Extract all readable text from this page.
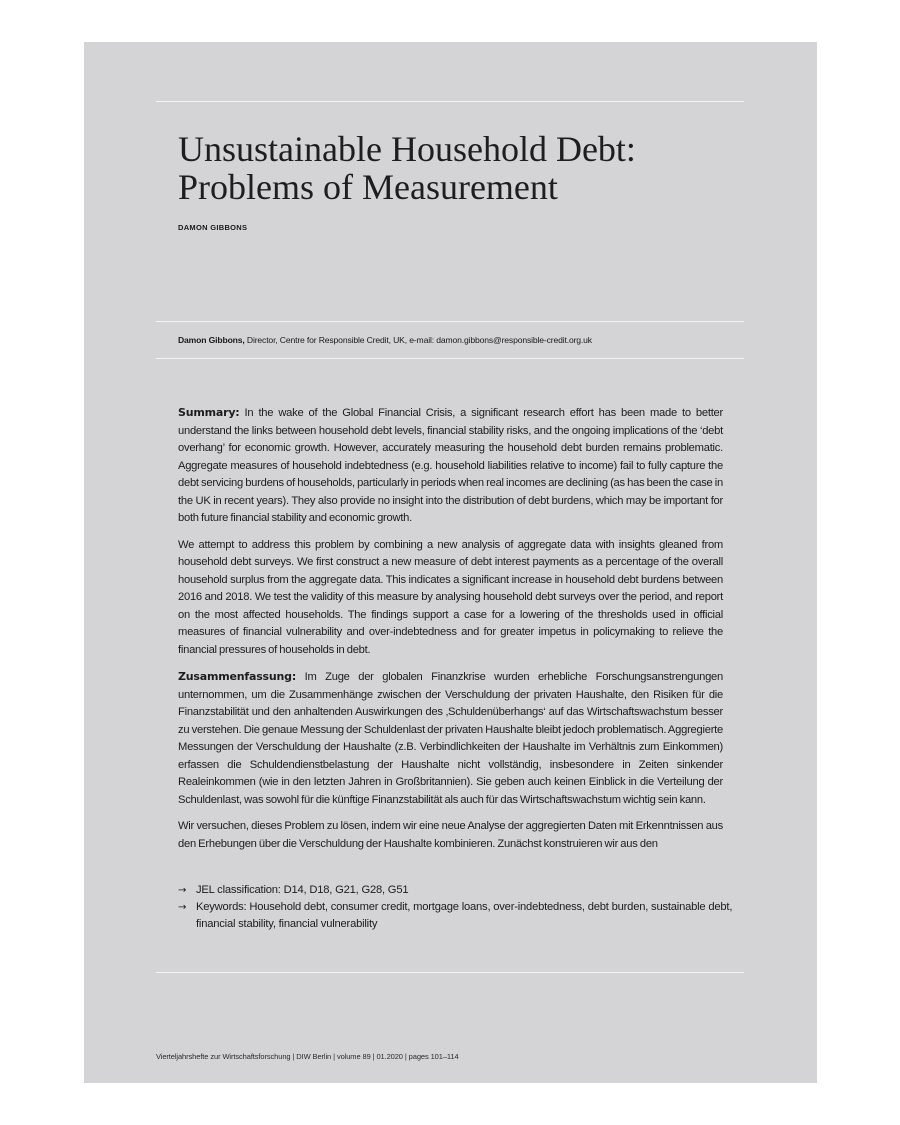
Unsustainable Household Debt:
Problems of Measurement

DAMON GIBBONS

Damon Gibbons, Director, Centre for Responsible Credit, UK, e-mail: damon.gibbons@responsible-credit.org.uk

Summary: In the wake of the Global Financial Crisis, a significant research effort has been made to better understand the links between household debt levels, financial stability risks, and the ongoing implications of the ‘debt overhang’ for economic growth. However, accurately measuring the household debt burden remains problematic. Aggregate measures of household indebtedness (e.g. household liabilities relative to income) fail to fully capture the debt servicing burdens of households, particularly in periods when real incomes are declining (as has been the case in the UK in recent years). They also provide no insight into the distribution of debt burdens, which may be important for both future financial stability and economic growth.

We attempt to address this problem by combining a new analysis of aggregate data with insights gleaned from household debt surveys. We first construct a new measure of debt interest payments as a percentage of the overall household surplus from the aggregate data. This indicates a significant increase in household debt burdens between 2016 and 2018. We test the validity of this measure by analysing household debt surveys over the period, and report on the most affected households. The findings support a case for a lowering of the thresholds used in official measures of financial vulnerability and over-indebtedness and for greater impetus in policymaking to relieve the financial pressures of households in debt.

Zusammenfassung: Im Zuge der globalen Finanzkrise wurden erhebliche Forschungsanstrengungen unternommen, um die Zusammenhänge zwischen der Verschuldung der privaten Haushalte, den Risiken für die Finanzstabilität und den anhaltenden Auswirkungen des ‚Schuldenüberhangs‘ auf das Wirtschaftswachstum besser zu verstehen. Die genaue Messung der Schuldenlast der privaten Haushalte bleibt jedoch problematisch. Aggregierte Messungen der Verschuldung der Haushalte (z.B. Verbindlichkeiten der Haushalte im Verhältnis zum Einkommen) erfassen die Schuldendienstbelastung der Haushalte nicht vollständig, insbesondere in Zeiten sinkender Realeinkommen (wie in den letzten Jahren in Großbritannien). Sie geben auch keinen Einblick in die Verteilung der Schuldenlast, was sowohl für die künftige Finanzstabilität als auch für das Wirtschaftswachstum wichtig sein kann.

Wir versuchen, dieses Problem zu lösen, indem wir eine neue Analyse der aggregierten Daten mit Erkenntnissen aus den Erhebungen über die Verschuldung der Haushalte kombinieren. Zunächst konstruieren wir aus den

→ JEL classification: D14, D18, G21, G28, G51
→ Keywords: Household debt, consumer credit, mortgage loans, over-indebtedness, debt burden, sustainable debt, financial stability, financial vulnerability
Vierteljahrshefte zur Wirtschaftsforschung | DIW Berlin | volume 89 | 01.2020 | pages 101–114
